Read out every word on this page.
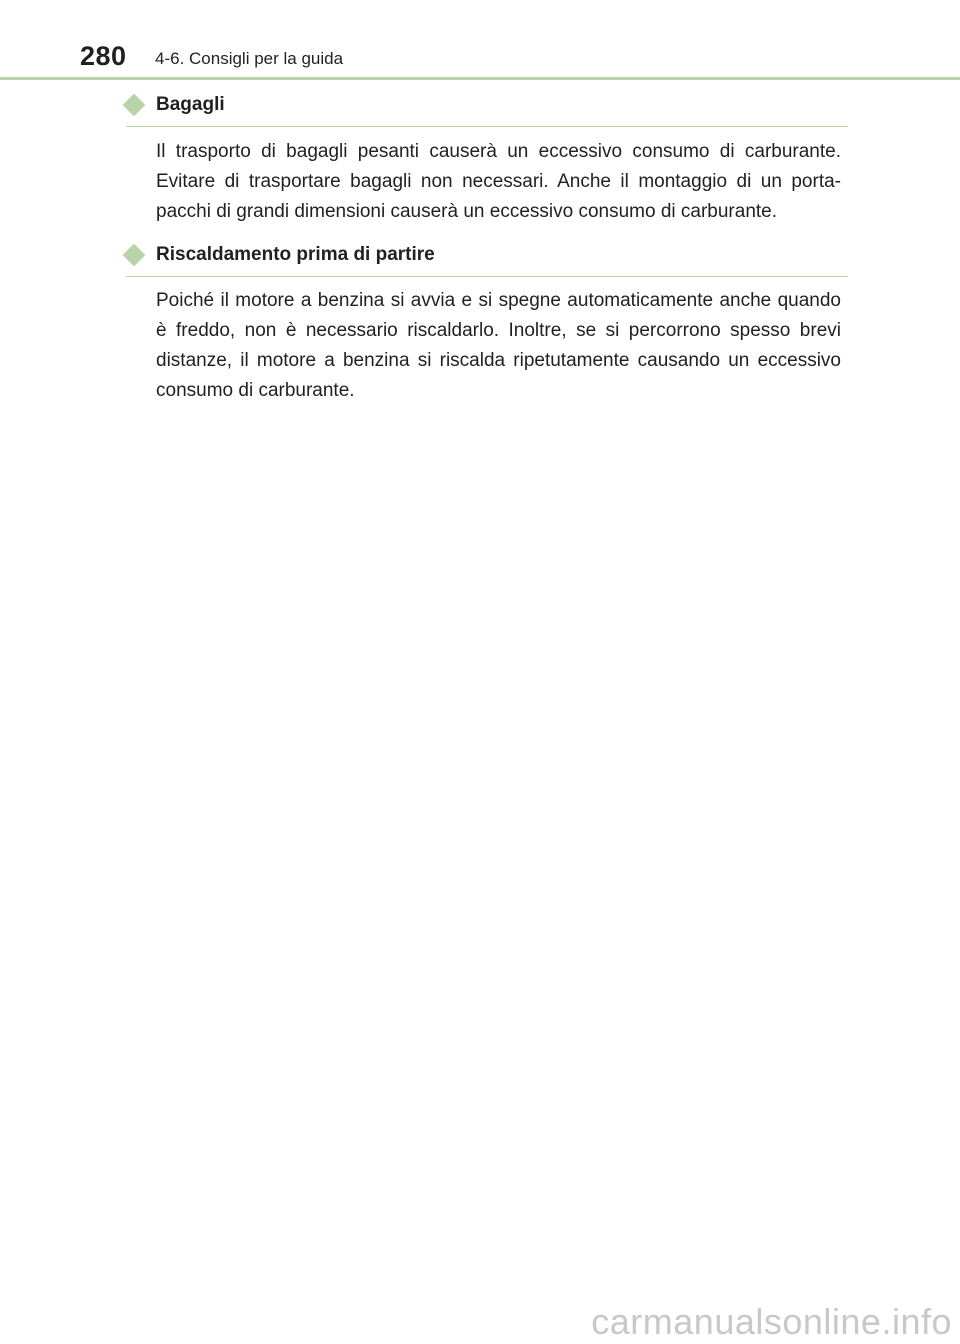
280 4-6. Consigli per la guida
Bagagli

Il trasporto di bagagli pesanti causerà un eccessivo consumo di carburante. Evitare di trasportare bagagli non necessari. Anche il montaggio di un porta-pacchi di grandi dimensioni causerà un eccessivo consumo di carburante.

Riscaldamento prima di partire

Poiché il motore a benzina si avvia e si spegne automaticamente anche quando è freddo, non è necessario riscaldarlo. Inoltre, se si percorrono spesso brevi distanze, il motore a benzina si riscalda ripetutamente causando un eccessivo consumo di carburante.

carmanualsonline.info
